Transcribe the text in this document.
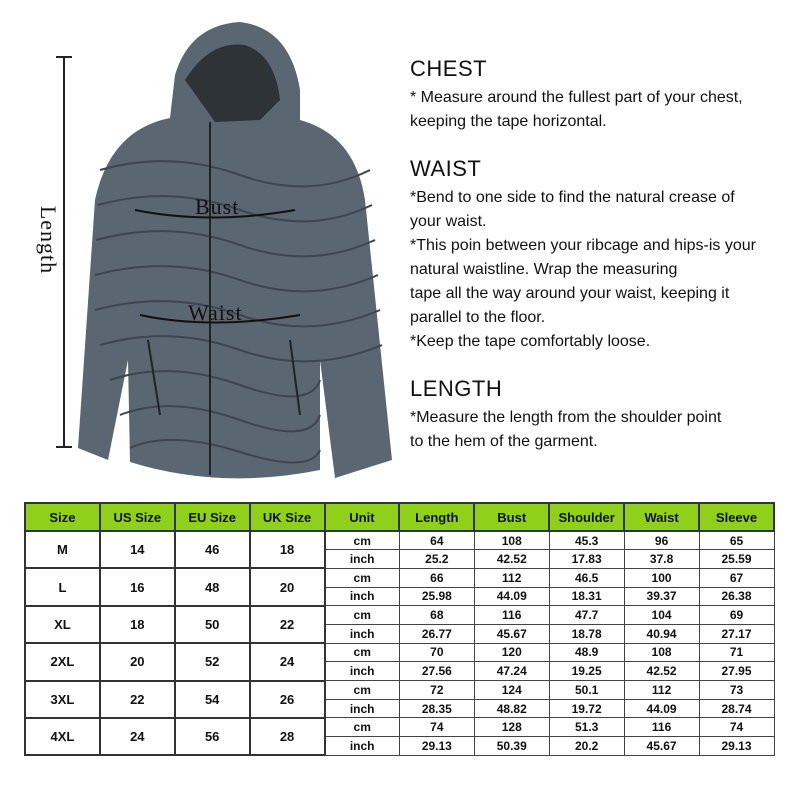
Length	Bust
Waist
CHEST
* Measure around the fullest part of your chest,
keeping the tape horizontal.
WAIST
*Bend to one side to find the natural crease of
your waist.
*This poin between your ribcage and hips-is your
natural waistline. Wrap the measuring
tape all the way around your waist, keeping it
parallel to the floor.
*Keep the tape comfortably loose.
LENGTH
*Measure the length from the shoulder point
to the hem of the garment.
Size	US Size	EU Size	UK Size	Unit	Length	Bust	Shoulder	Waist	Sleeve
M	14	46	18	cm	64	108	45.3	96	65
				inch	25.2	42.52	17.83	37.8	25.59
L	16	48	20	cm	66	112	46.5	100	67
				inch	25.98	44.09	18.31	39.37	26.38
XL	18	50	22	cm	68	116	47.7	104	69
				inch	26.77	45.67	18.78	40.94	27.17
2XL	20	52	24	cm	70	120	48.9	108	71
				inch	27.56	47.24	19.25	42.52	27.95
3XL	22	54	26	cm	72	124	50.1	112	73
				inch	28.35	48.82	19.72	44.09	28.74
4XL	24	56	28	cm	74	128	51.3	116	74
				inch	29.13	50.39	20.2	45.67	29.13
